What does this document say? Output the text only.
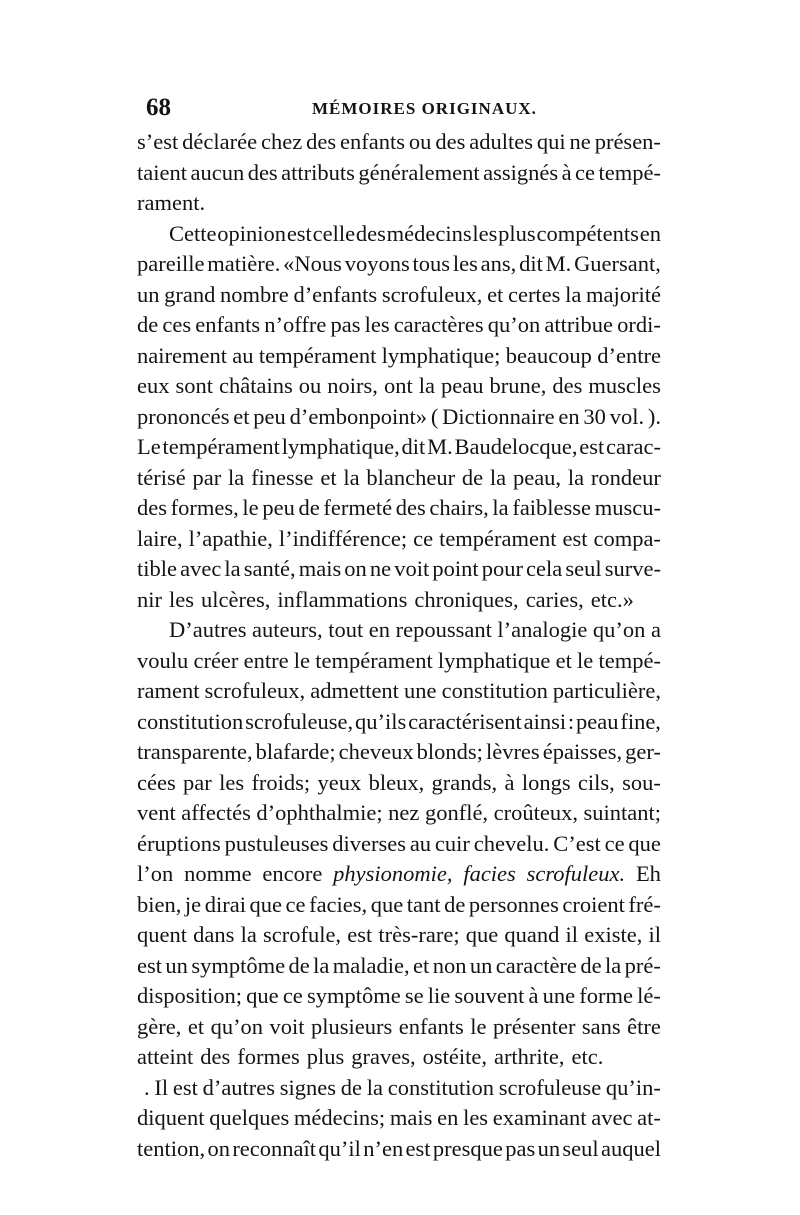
68	MÉMOIRES ORIGINAUX.
s’est déclarée chez des enfants ou des adultes qui ne présen-
taient aucun des attributs généralement assignés à ce tempé-
rament.
Cette opinion est celle des médecins les plus compétents en
pareille matière. «Nous voyons tous les ans, dit M. Guersant,
un grand nombre d’enfants scrofuleux, et certes la majorité
de ces enfants n’offre pas les caractères qu’on attribue ordi-
nairement au tempérament lymphatique; beaucoup d’entre
eux sont châtains ou noirs, ont la peau brune, des muscles
prononcés et peu d’embonpoint» ( Dictionnaire en 30 vol. ).
Le tempérament lymphatique, dit M. Baudelocque, est carac-
térisé par la finesse et la blancheur de la peau, la rondeur
des formes, le peu de fermeté des chairs, la faiblesse muscu-
laire, l’apathie, l’indifférence; ce tempérament est compa-
tible avec la santé, mais on ne voit point pour cela seul surve-
nir les ulcères, inflammations chroniques, caries, etc.»
D’autres auteurs, tout en repoussant l’analogie qu’on a
voulu créer entre le tempérament lymphatique et le tempé-
rament scrofuleux, admettent une constitution particulière,
constitution scrofuleuse, qu’ils caractérisent ainsi : peau fine,
transparente, blafarde; cheveux blonds; lèvres épaisses, ger-
cées par les froids; yeux bleux, grands, à longs cils, sou-
vent affectés d’ophthalmie; nez gonflé, croûteux, suintant;
éruptions pustuleuses diverses au cuir chevelu. C’est ce que
l’on nomme encore physionomie, facies scrofuleux. Eh
bien, je dirai que ce facies, que tant de personnes croient fré-
quent dans la scrofule, est très-rare; que quand il existe, il
est un symptôme de la maladie, et non un caractère de la pré-
disposition; que ce symptôme se lie souvent à une forme lé-
gère, et qu’on voit plusieurs enfants le présenter sans être
atteint des formes plus graves, ostéite, arthrite, etc.
. Il est d’autres signes de la constitution scrofuleuse qu’in-
diquent quelques médecins; mais en les examinant avec at-
tention, on reconnaît qu’il n’en est presque pas un seul auquel
